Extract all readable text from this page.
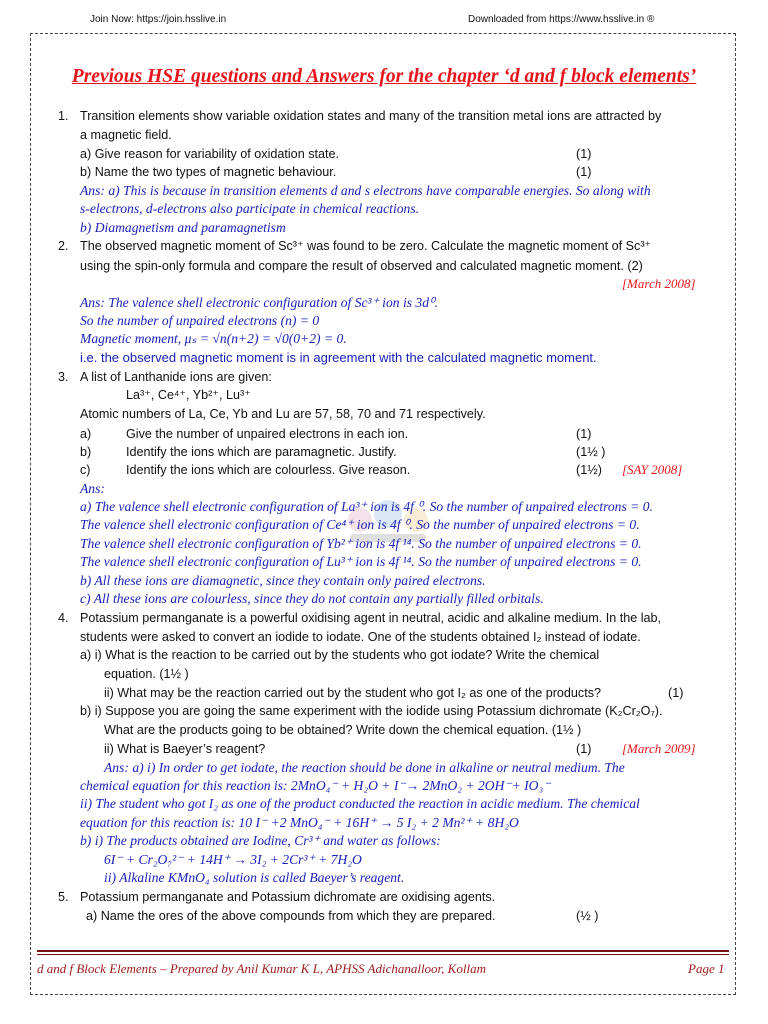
Join Now: https://join.hsslive.in	Downloaded from https://www.hsslive.in ®
Previous HSE questions and Answers for the chapter ‘d and f block elements’
1. Transition elements show variable oxidation states and many of the transition metal ions are attracted by
a magnetic field.
a) Give reason for variability of oxidation state.	(1)
b) Name the two types of magnetic behaviour.	(1)
Ans: a) This is because in transition elements d and s electrons have comparable energies. So along with
s-electrons, d-electrons also participate in chemical reactions.
b) Diamagnetism and paramagnetism
2. The observed magnetic moment of Sc³⁺ was found to be zero. Calculate the magnetic moment of Sc³⁺
using the spin-only formula and compare the result of observed and calculated magnetic moment. (2)
[March 2008]
Ans: The valence shell electronic configuration of Sc³⁺ ion is 3d⁰.
So the number of unpaired electrons (n) = 0
Magnetic moment, μₛ = √n(n+2) = √0(0+2) = 0.
i.e. the observed magnetic moment is in agreement with the calculated magnetic moment.
3. A list of Lanthanide ions are given:
La³⁺, Ce⁴⁺, Yb²⁺, Lu³⁺
Atomic numbers of La, Ce, Yb and Lu are 57, 58, 70 and 71 respectively.
a)	Give the number of unpaired electrons in each ion.	(1)
b)	Identify the ions which are paramagnetic. Justify.	(1½ )
c)	Identify the ions which are colourless. Give reason.	(1½) [SAY 2008]
Ans:
a) The valence shell electronic configuration of La³⁺ ion is 4f ⁰. So the number of unpaired electrons = 0.
The valence shell electronic configuration of Ce⁴⁺ ion is 4f ⁰. So the number of unpaired electrons = 0.
The valence shell electronic configuration of Yb²⁺ ion is 4f ¹⁴. So the number of unpaired electrons = 0.
The valence shell electronic configuration of Lu³⁺ ion is 4f ¹⁴. So the number of unpaired electrons = 0.
b) All these ions are diamagnetic, since they contain only paired electrons.
c) All these ions are colourless, since they do not contain any partially filled orbitals.
4. Potassium permanganate is a powerful oxidising agent in neutral, acidic and alkaline medium. In the lab,
students were asked to convert an iodide to iodate. One of the students obtained I₂ instead of iodate.
a) i) What is the reaction to be carried out by the students who got iodate? Write the chemical
equation. (1½ )
ii) What may be the reaction carried out by the student who got I₂ as one of the products?	(1)
b) i) Suppose you are going the same experiment with the iodide using Potassium dichromate (K₂Cr₂O₇).
What are the products going to be obtained? Write down the chemical equation. (1½ )
ii) What is Baeyer’s reagent?	(1) [March 2009]
Ans: a) i) In order to get iodate, the reaction should be done in alkaline or neutral medium. The
chemical equation for this reaction is: 2MnO₄⁻ + H₂O + I⁻→ 2MnO₂ + 2OH⁻+ IO₃⁻
ii) The student who got I₂ as one of the product conducted the reaction in acidic medium. The chemical
equation for this reaction is: 10 I⁻ +2 MnO₄⁻ + 16H⁺ → 5 I₂ + 2 Mn²⁺ + 8H₂O
b) i) The products obtained are Iodine, Cr³⁺ and water as follows:
6I⁻ + Cr₂O₇²⁻ + 14H⁺ → 3I₂ + 2Cr³⁺ + 7H₂O
ii) Alkaline KMnO₄ solution is called Baeyer’s reagent.
5. Potassium permanganate and Potassium dichromate are oxidising agents.
a) Name the ores of the above compounds from which they are prepared.	(½ )
d and f Block Elements – Prepared by Anil Kumar K L, APHSS Adichanalloor, Kollam	Page 1
